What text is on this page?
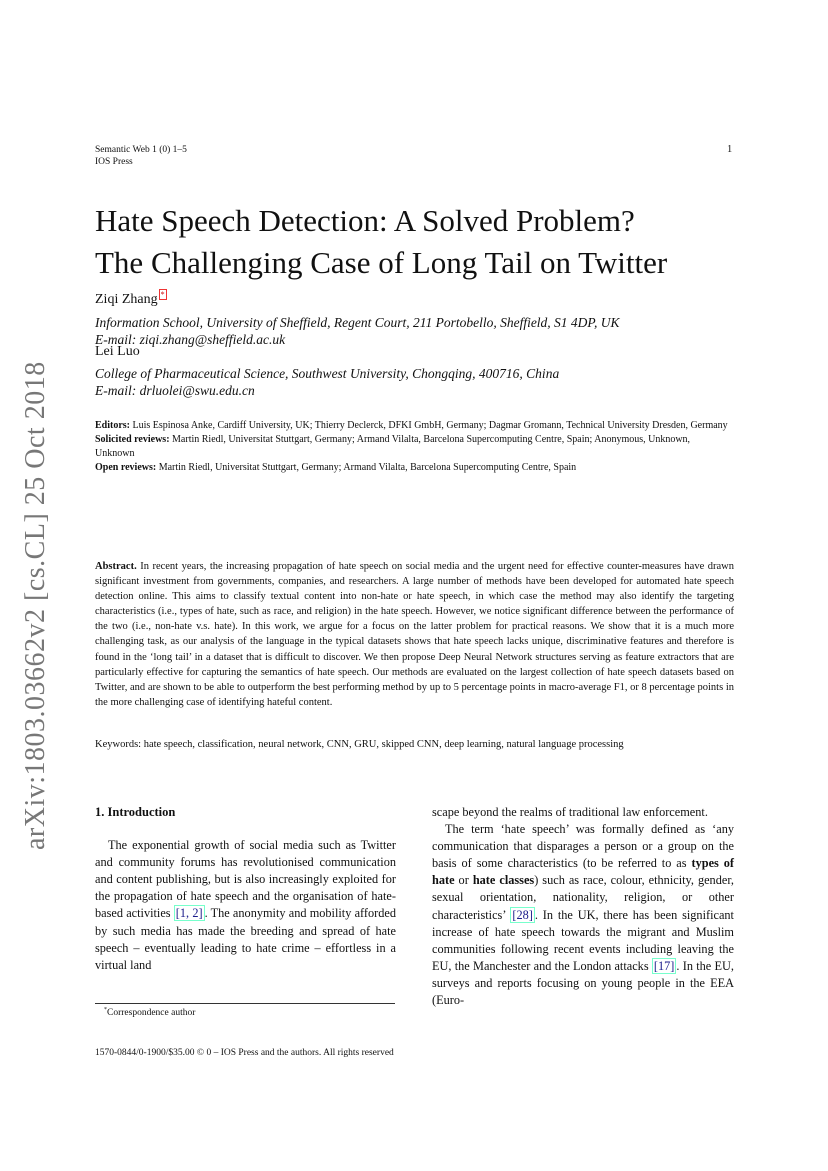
Semantic Web 1 (0) 1–5
IOS Press
1
Hate Speech Detection: A Solved Problem?
The Challenging Case of Long Tail on Twitter
Ziqi Zhang *
Information School, University of Sheffield, Regent Court, 211 Portobello, Sheffield, S1 4DP, UK
E-mail: ziqi.zhang@sheffield.ac.uk
Lei Luo
College of Pharmaceutical Science, Southwest University, Chongqing, 400716, China
E-mail: drluolei@swu.edu.cn
arXiv:1803.03662v2 [cs.CL] 25 Oct 2018	Editors: Luis Espinosa Anke, Cardiff University, UK; Thierry Declerck, DFKI GmbH, Germany; Dagmar Gromann, Technical University Dresden, Germany

Solicited reviews: Martin Riedl, Universitat Stuttgart, Germany; Armand Vilalta, Barcelona Supercomputing Centre, Spain; Anonymous, Unknown, Unknown

Open reviews: Martin Riedl, Universitat Stuttgart, Germany; Armand Vilalta, Barcelona Supercomputing Centre, Spain

Abstract. In recent years, the increasing propagation of hate speech on social media and the urgent need for effective counter-measures have drawn significant investment from governments, companies, and researchers. A large number of methods have been developed for automated hate speech detection online. This aims to classify textual content into non-hate or hate speech, in which case the method may also identify the targeting characteristics (i.e., types of hate, such as race, and religion) in the hate speech. However, we notice significant difference between the performance of the two (i.e., non-hate v.s. hate). In this work, we argue for a focus on the latter problem for practical reasons. We show that it is a much more challenging task, as our analysis of the language in the typical datasets shows that hate speech lacks unique, discriminative features and therefore is found in the ‘long tail’ in a dataset that is difficult to discover. We then propose Deep Neural Network structures serving as feature extractors that are particularly effective for capturing the semantics of hate speech. Our methods are evaluated on the largest collection of hate speech datasets based on Twitter, and are shown to be able to outperform the best performing method by up to 5 percentage points in macro-average F1, or 8 percentage points in the more challenging case of identifying hateful content.

Keywords: hate speech, classification, neural network, CNN, GRU, skipped CNN, deep learning, natural language processing

1. Introduction

The exponential growth of social media such as Twitter and community forums has revolutionised communication and content publishing, but is also increasingly exploited for the propagation of hate speech and the organisation of hate-based activities [1, 2] . The anonymity and mobility afforded by such media has made the breeding and spread of hate speech – eventually leading to hate crime – effortless in a virtual land

scape beyond the realms of traditional law enforcement.

The term ‘hate speech’ was formally defined as ‘any communication that disparages a person or a group on the basis of some characteristics (to be referred to as types of hate or hate classes) such as race, colour, ethnicity, gender, sexual orientation, nationality, religion, or other characteristics’ [28] . In the UK, there has been significant increase of hate speech towards the migrant and Muslim communities following recent events including leaving the EU, the Manchester and the London attacks [17] . In the EU, surveys and reports focusing on young people in the EEA (Euro-

*Correspondence author
1570-0844/0-1900/$35.00 © 0 – IOS Press and the authors. All rights reserved
